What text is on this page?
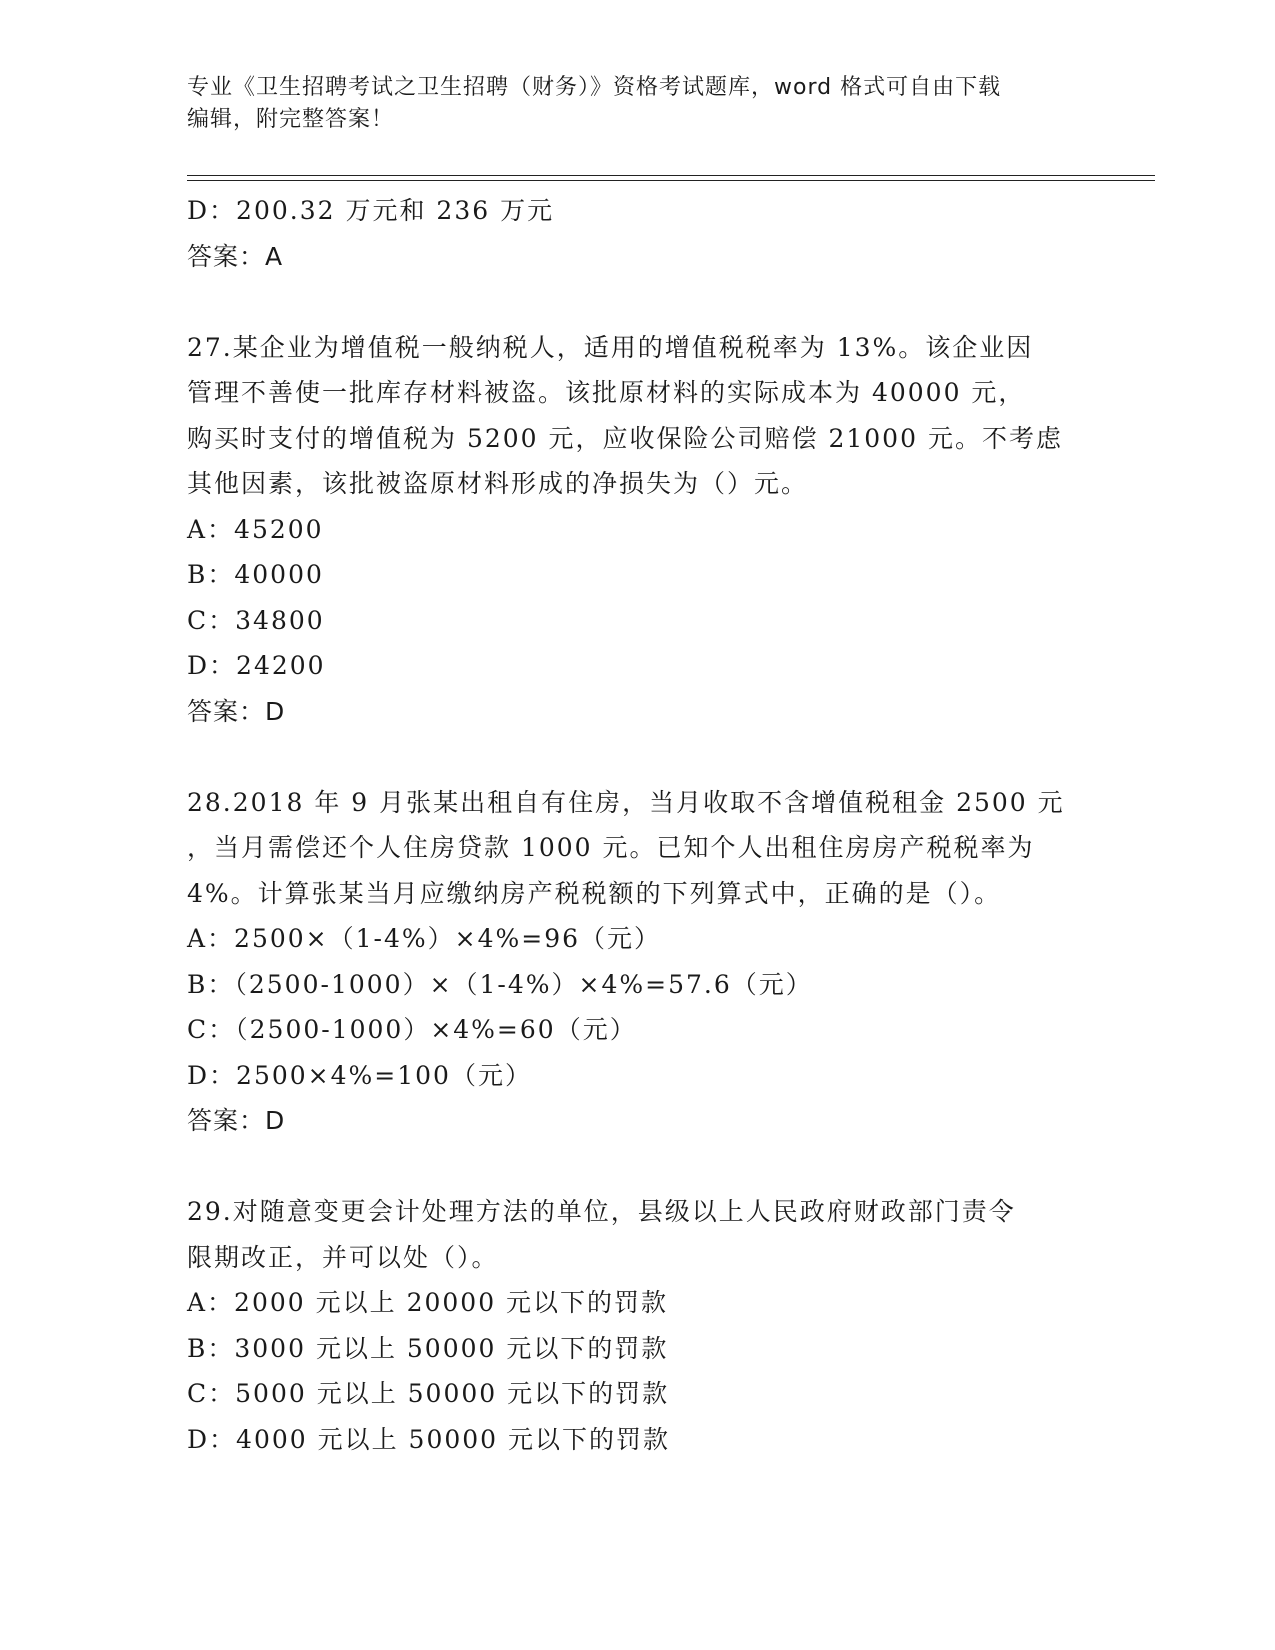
专业《卫生招聘考试之卫生招聘（财务）》资格考试题库，word 格式可自由下载
编辑，附完整答案！
D：200.32 万元和 236 万元
答案：A
27.某企业为增值税一般纳税人，适用的增值税税率为 13%。该企业因
管理不善使一批库存材料被盗。该批原材料的实际成本为 40000 元，
购买时支付的增值税为 5200 元，应收保险公司赔偿 21000 元。不考虑
其他因素，该批被盗原材料形成的净损失为（）元。
A：45200
B：40000
C：34800
D：24200
答案：D
28.2018 年 9 月张某出租自有住房，当月收取不含增值税租金 2500 元
，当月需偿还个人住房贷款 1000 元。已知个人出租住房房产税税率为
4%。计算张某当月应缴纳房产税税额的下列算式中，正确的是（）。
A：2500×（1-4%）×4%=96（元）
B：（2500-1000）×（1-4%）×4%=57.6（元）
C：（2500-1000）×4%=60（元）
D：2500×4%=100（元）
答案：D
29.对随意变更会计处理方法的单位，县级以上人民政府财政部门责令
限期改正，并可以处（）。
A：2000 元以上 20000 元以下的罚款
B：3000 元以上 50000 元以下的罚款
C：5000 元以上 50000 元以下的罚款
D：4000 元以上 50000 元以下的罚款
